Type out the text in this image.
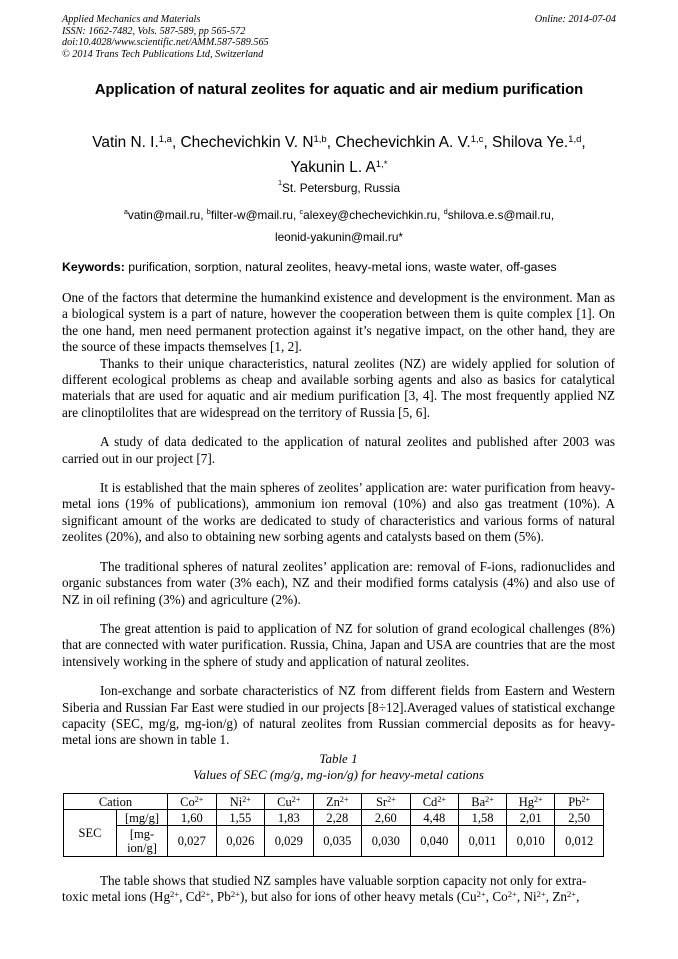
Applied Mechanics and Materials
ISSN: 1662-7482, Vols. 587-589, pp 565-572
doi:10.4028/www.scientific.net/AMM.587-589.565
© 2014 Trans Tech Publications Ltd, Switzerland
Online: 2014-07-04
Application of natural zeolites for aquatic and air medium purification
Vatin N. I.$^{1,a}$, Chechevichkin V. N$^{1,b}$, Chechevichkin A. V.$^{1,c}$, Shilova Ye.$^{1,d}$,
Yakunin L. $A^{1,*}$
$^1$St. Petersburg, Russia
$^a$vatin@mail.ru, $^b$filter-w@mail.ru, $^c$alexey@chechevichkin.ru, $^d$shilova.e.s@mail.ru,
leonid-yakunin@mail.ru*
Keywords: purification, sorption, natural zeolites, heavy-metal ions, waste water, off-gases

One of the factors that determine the humankind existence and development is the environment. Man as a biological system is a part of nature, however the cooperation between them is quite complex [1]. On the one hand, men need permanent protection against it’s negative impact, on the other hand, they are the source of these impacts themselves [1, 2].

Thanks to their unique characteristics, natural zeolites (NZ) are widely applied for solution of different ecological problems as cheap and available sorbing agents and also as basics for catalytical materials that are used for aquatic and air medium purification [3, 4]. The most frequently applied NZ are clinoptilolites that are widespread on the territory of Russia [5, 6].

A study of data dedicated to the application of natural zeolites and published after 2003 was carried out in our project [7].

It is established that the main spheres of zeolites’ application are: water purification from heavy-metal ions (19% of publications), ammonium ion removal (10%) and also gas treatment (10%). A significant amount of the works are dedicated to study of characteristics and various forms of natural zeolites (20%), and also to obtaining new sorbing agents and catalysts based on them (5%).

The traditional spheres of natural zeolites’ application are: removal of F-ions, radionuclides and organic substances from water (3% each), NZ and their modified forms catalysis (4%) and also use of NZ in oil refining (3%) and agriculture (2%).

The great attention is paid to application of NZ for solution of grand ecological challenges (8%) that are connected with water purification. Russia, China, Japan and USA are countries that are the most intensively working in the sphere of study and application of natural zeolites.

Ion-exchange and sorbate characteristics of NZ from different fields from Eastern and Western Siberia and Russian Far East were studied in our projects [8÷12].Averaged values of statistical exchange capacity (SEC, mg/g, mg-ion/g) of natural zeolites from Russian commercial deposits as for heavy-metal ions are shown in table 1.

Table 1
Values of SEC (mg/g, mg-ion/g) for heavy-metal cations
Cation		$Co^{2+}$	$Ni^{2+}$	$Cu^{2+}$	$Zn^{2+}$	$Sr^{2+}$	$Cd^{2+}$	$Ba^{2+}$	$Hg^{2+}$	$Pb^{2+}$
SEC	[mg/g]	1,60	1,55	1,83	2,28	2,60	4,48	1,58	2,01	2,50
	[mg-ion/g]	0,027	0,026	0,029	0,035	0,030	0,040	0,011	0,010	0,012

The table shows that studied NZ samples have valuable sorption capacity not only for extra-
toxic metal ions ($Hg^{2+}$, $Cd^{2+}$, $Pb^{2+}$), but also for ions of other heavy metals ($Cu^{2+}$, $Co^{2+}$, $Ni^{2+}$, $Zn^{2+}$,
